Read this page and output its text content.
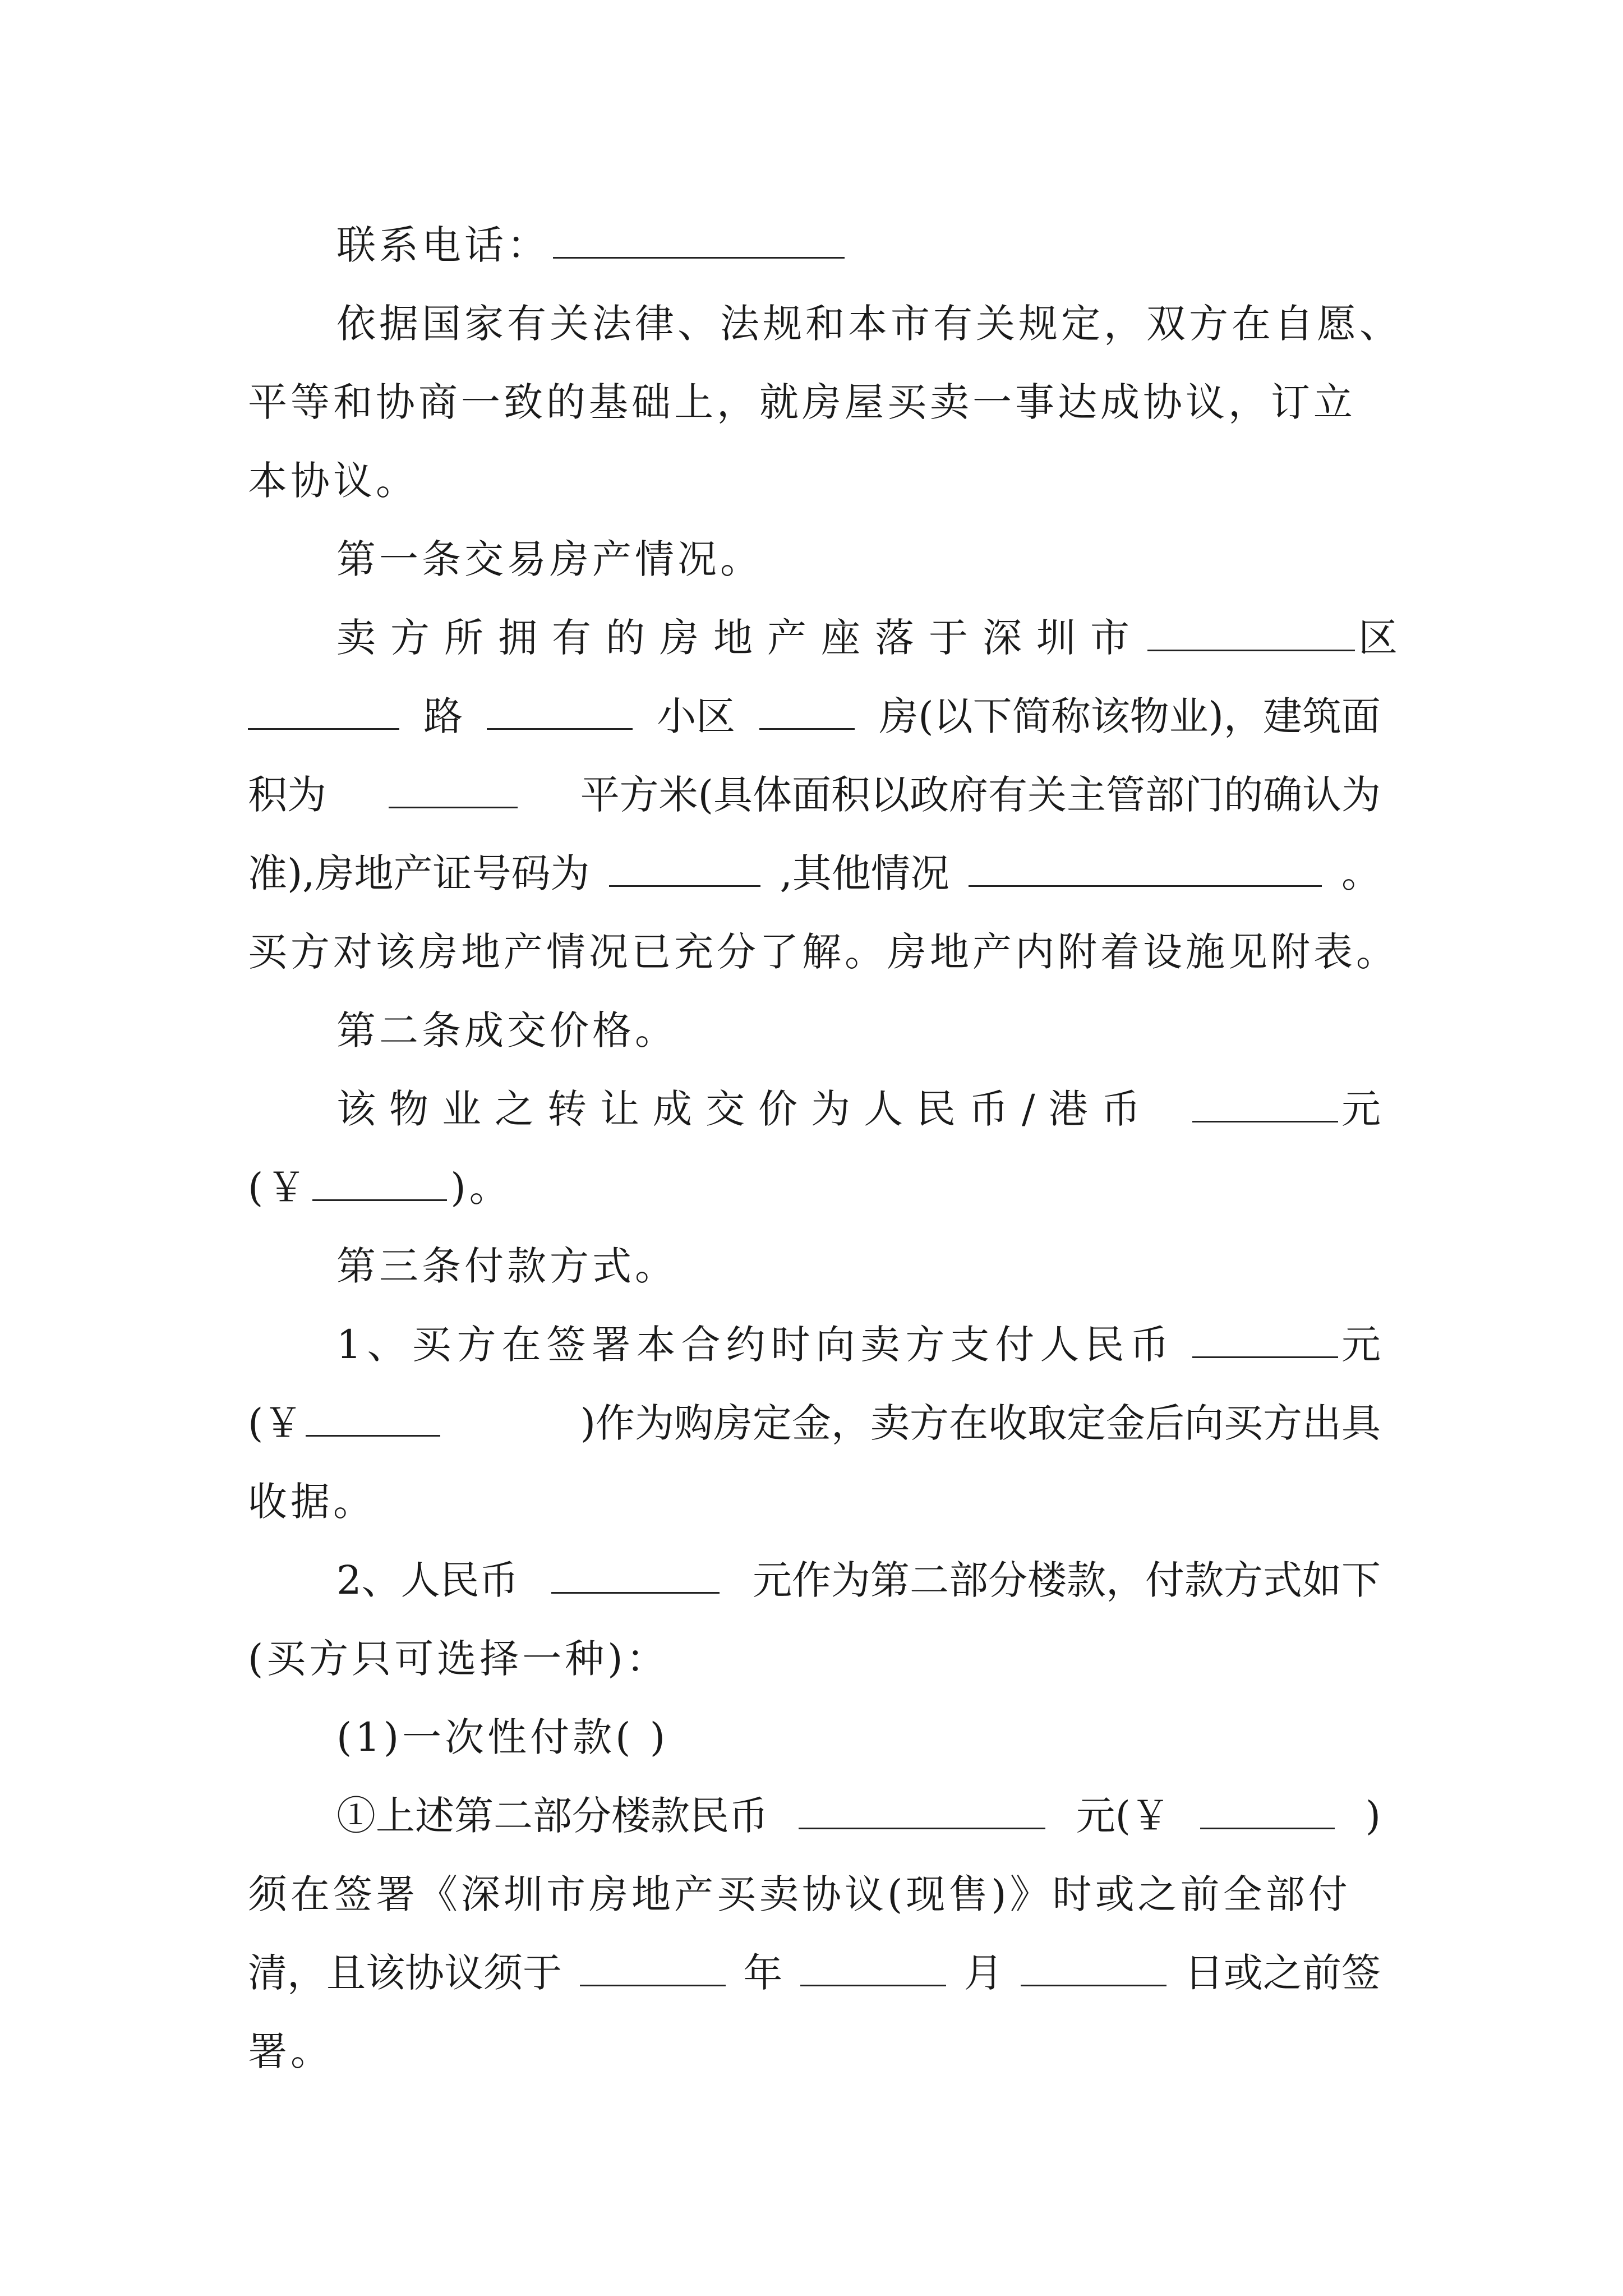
联系电话：
依据国家有关法律、法规和本市有关规定，双方在自愿、
平等和协商一致的基础上，就房屋买卖一事达成协议，订立
本协议。
第一条交易房产情况。
卖方所拥有的房地产座落于深圳市	区
路	小区	房(以下简称该物业)，建筑面
积为	平方米(具体面积以政府有关主管部门的确认为
准),房地产证号码为	,其他情况	。
买方对该房地产情况已充分了解。房地产内附着设施见附表。
第二条成交价格。
该物业之转让成交价为人民币/港币	元
(￥	)。
第三条付款方式。
1、买方在签署本合约时向卖方支付人民币	元
(￥	)作为购房定金，卖方在收取定金后向买方出具
收据。
2、人民币	元作为第二部分楼款，付款方式如下
(买方只可选择一种)：
(1)一次性付款( )
①上述第二部分楼款民币	元(￥	)
须在签署《深圳市房地产买卖协议(现售)》时或之前全部付
清，且该协议须于	年	月	日或之前签
署。
